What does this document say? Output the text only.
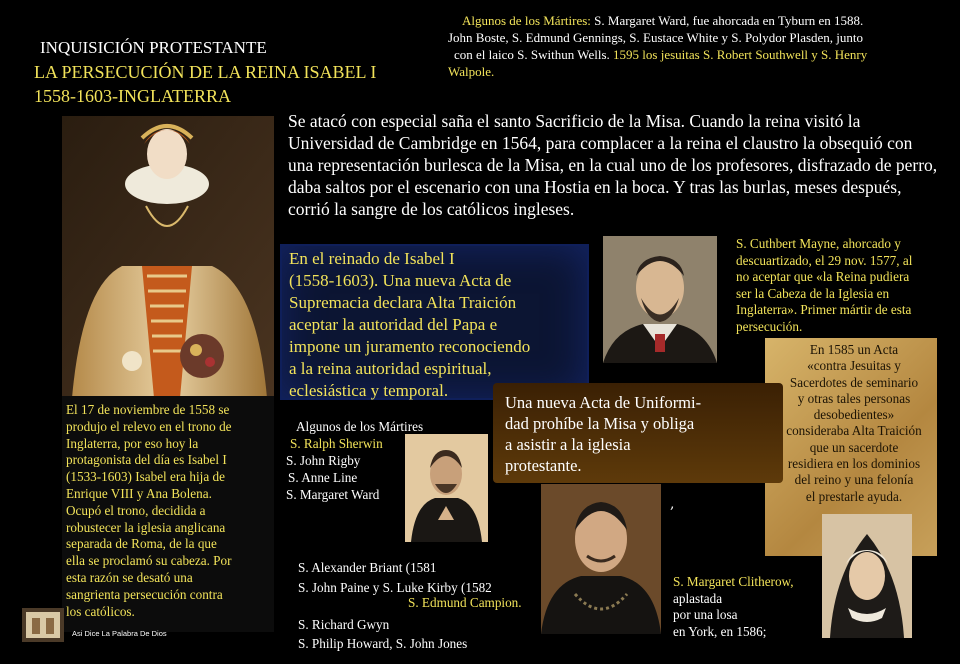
INQUISICIÓN PROTESTANTE
LA PERSECUCIÓN DE LA REINA ISABEL I
1558-1603-INGLATERRA
Algunos de los Mártires: S. Margaret Ward, fue ahorcada en Tyburn en 1588.
John Boste, S. Edmund Gennings, S. Eustace White y S. Polydor Plasden, junto
con el laico S. Swithun Wells. 1595 los jesuitas S. Robert Southwell y S. Henry
Walpole.
El 17 de noviembre de 1558 se
produjo el relevo en el trono de
Inglaterra, por eso hoy la
protagonista del día es Isabel I
(1533-1603) Isabel era hija de
Enrique VIII y Ana Bolena.
Ocupó el trono, decidida a
robustecer la iglesia anglicana
separada de Roma, de la que
ella se proclamó su cabeza. Por
esta razón se desató una
sangrienta persecución contra
los católicos.
Se atacó con especial saña el santo Sacrificio de la Misa. Cuando la reina visitó la Universidad de Cambridge en 1564, para complacer a la reina el claustro la obsequió con una representación burlesca de la Misa, en la cual uno de los profesores, disfrazado de perro, daba saltos por el escenario con una Hostia en la boca. Y tras las burlas, meses después, corrió la sangre de los católicos ingleses.
En el reinado de Isabel I
(1558-1603). Una nueva Acta de
Supremacia declara Alta Traición
aceptar la autoridad del Papa e
impone un juramento reconociendo
a la reina autoridad espiritual,
eclesiástica y temporal.
S. Cuthbert Mayne, ahorcado y
descuartizado, el 29 nov. 1577, al
no aceptar que «la Reina pudiera
ser la Cabeza de la Iglesia en
Inglaterra». Primer mártir de esta
persecución.
En 1585 un Acta
«contra Jesuitas y
Sacerdotes de seminario
y otras tales personas
desobedientes»
consideraba Alta Traición
que un sacerdote
residiera en los dominios
del reino y una felonía
el prestarle ayuda.
Una nueva Acta de Uniformi-
dad prohíbe la Misa y obliga
a asistir a la iglesia
protestante.
Algunos de los Mártires
S. Ralph Sherwin
S. John Rigby
S. Anne Line
S. Margaret Ward
,
S. Alexander Briant (1581
S. John Paine y S. Luke Kirby (1582
S. Edmund Campion.
S. Richard Gwyn
S. Philip Howard, S. John Jones
S. Margaret Clitherow,
aplastada
por una losa
en York, en 1586;
Asi Dice La Palabra De Dios
